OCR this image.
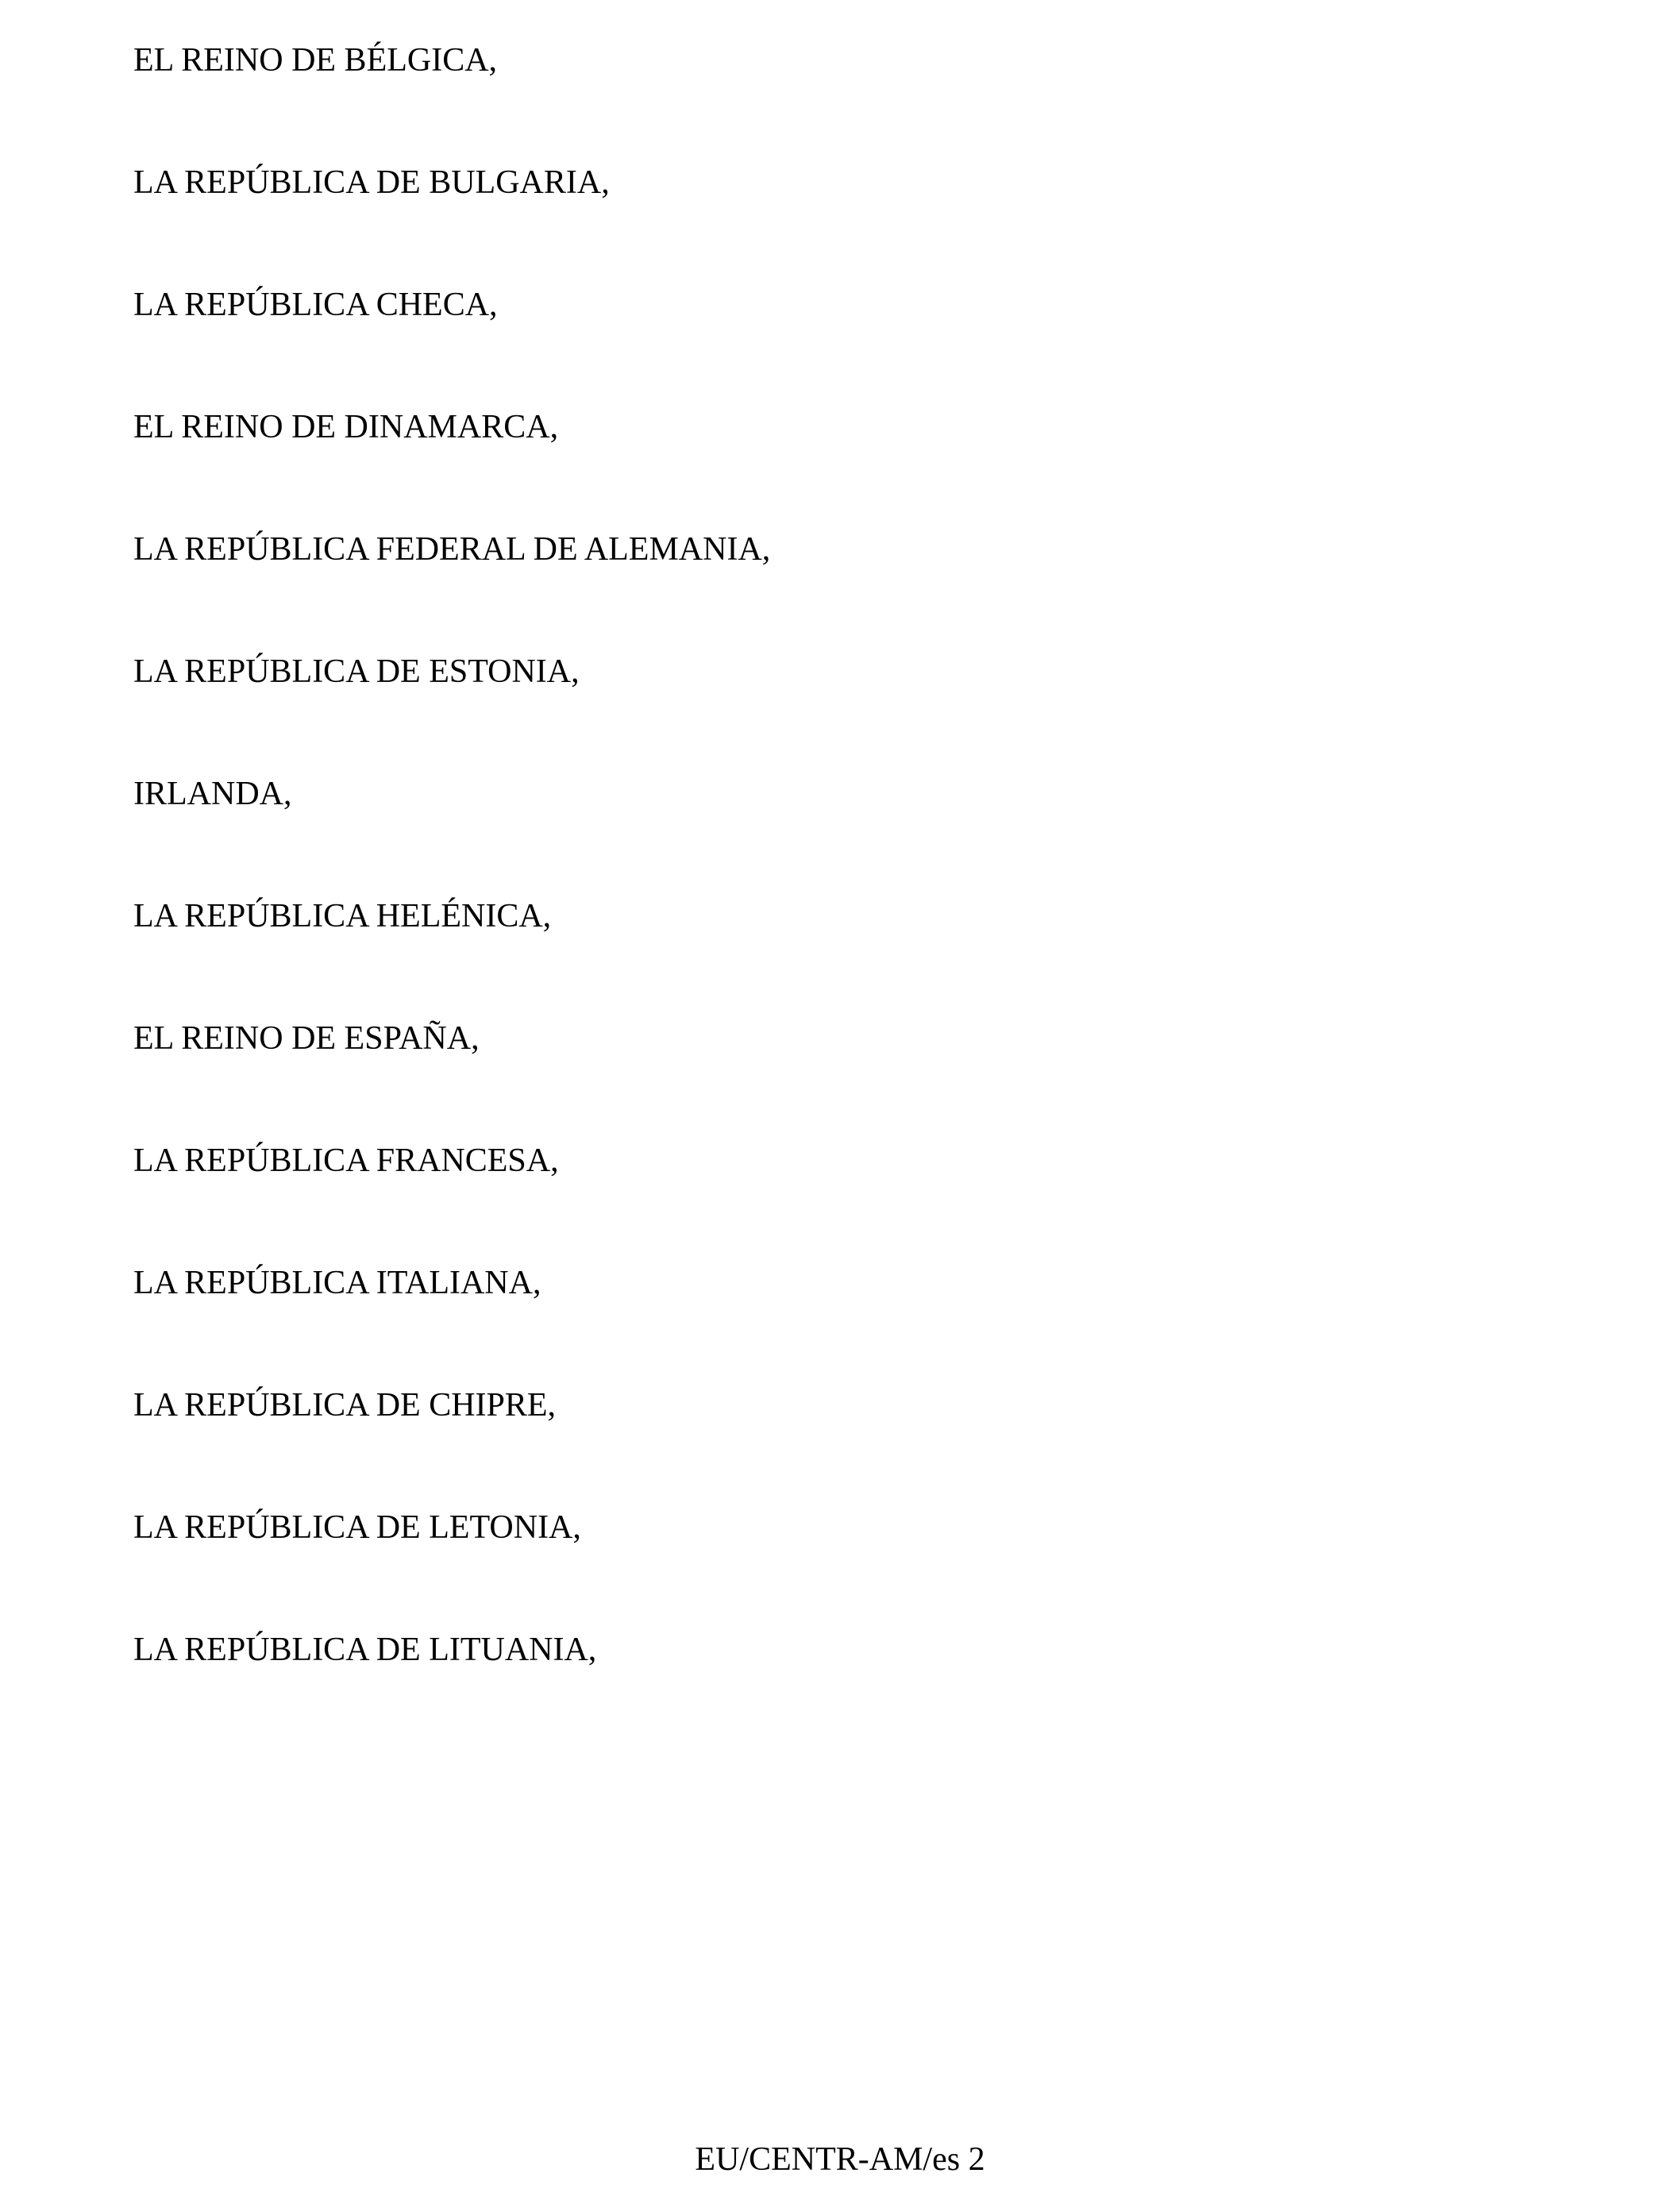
EL REINO DE BÉLGICA,
LA REPÚBLICA DE BULGARIA,
LA REPÚBLICA CHECA,
EL REINO DE DINAMARCA,
LA REPÚBLICA FEDERAL DE ALEMANIA,
LA REPÚBLICA DE ESTONIA,
IRLANDA,
LA REPÚBLICA HELÉNICA,
EL REINO DE ESPAÑA,
LA REPÚBLICA FRANCESA,
LA REPÚBLICA ITALIANA,
LA REPÚBLICA DE CHIPRE,
LA REPÚBLICA DE LETONIA,
LA REPÚBLICA DE LITUANIA,
EU/CENTR-AM/es 2
